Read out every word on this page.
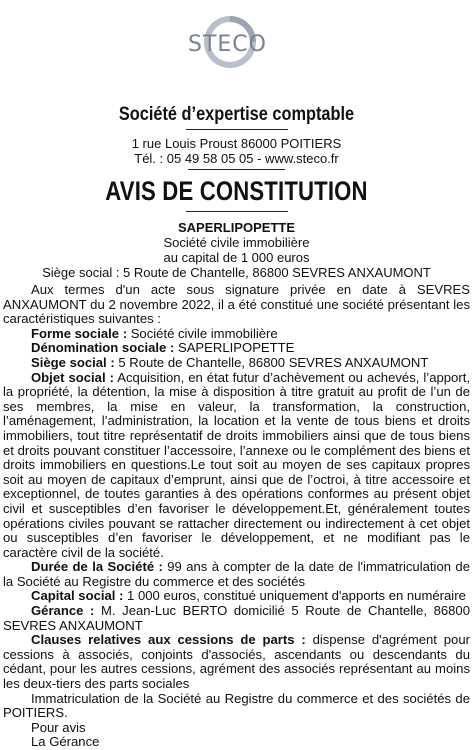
STECO
Société d’expertise comptable
1 rue Louis Proust 86000 POITIERS
Tél. : 05 49 58 05 05 - www.steco.fr
AVIS DE CONSTITUTION
SAPERLIPOPETTE
Société civile immobilière
au capital de 1 000 euros
Siège social : 5 Route de Chantelle, 86800 SEVRES ANXAUMONT

Aux termes d'un acte sous signature privée en date à SEVRES ANXAUMONT du 2 novembre 2022, il a été constitué une société présentant les caractéristiques suivantes :

Forme sociale : Société civile immobilière

Dénomination sociale : SAPERLIPOPETTE

Siège social : 5 Route de Chantelle, 86800 SEVRES ANXAUMONT

Objet social : Acquisition, en état futur d’achèvement ou achevés, l’apport, la propriété, la détention, la mise à disposition à titre gratuit au profit de l’un de ses membres, la mise en valeur, la transformation, la construction, l’aménagement, l’administration, la location et la vente de tous biens et droits immobiliers, tout titre représentatif de droits immobiliers ainsi que de tous biens et droits pouvant constituer l’accessoire, l’annexe ou le complément des biens et droits immobiliers en questions.Le tout soit au moyen de ses capitaux propres soit au moyen de capitaux d’emprunt, ainsi que de l’octroi, à titre accessoire et exceptionnel, de toutes garanties à des opérations conformes au présent objet civil et susceptibles d’en favoriser le développement.Et, généralement toutes opérations civiles pouvant se rattacher directement ou indirectement à cet objet ou susceptibles d’en favoriser le développement, et ne modifiant pas le caractère civil de la société.

Durée de la Société : 99 ans à compter de la date de l'immatriculation de la Société au Registre du commerce et des sociétés

Capital social : 1 000 euros, constitué uniquement d'apports en numéraire

Gérance : M. Jean-Luc BERTO domicilié 5 Route de Chantelle, 86800 SEVRES ANXAUMONT

Clauses relatives aux cessions de parts : dispense d'agrément pour cessions à associés, conjoints d'associés, ascendants ou descendants du cédant, pour les autres cessions, agrément des associés représentant au moins les deux-tiers des parts sociales

Immatriculation de la Société au Registre du commerce et des sociétés de POITIERS.

Pour avis

La Gérance
